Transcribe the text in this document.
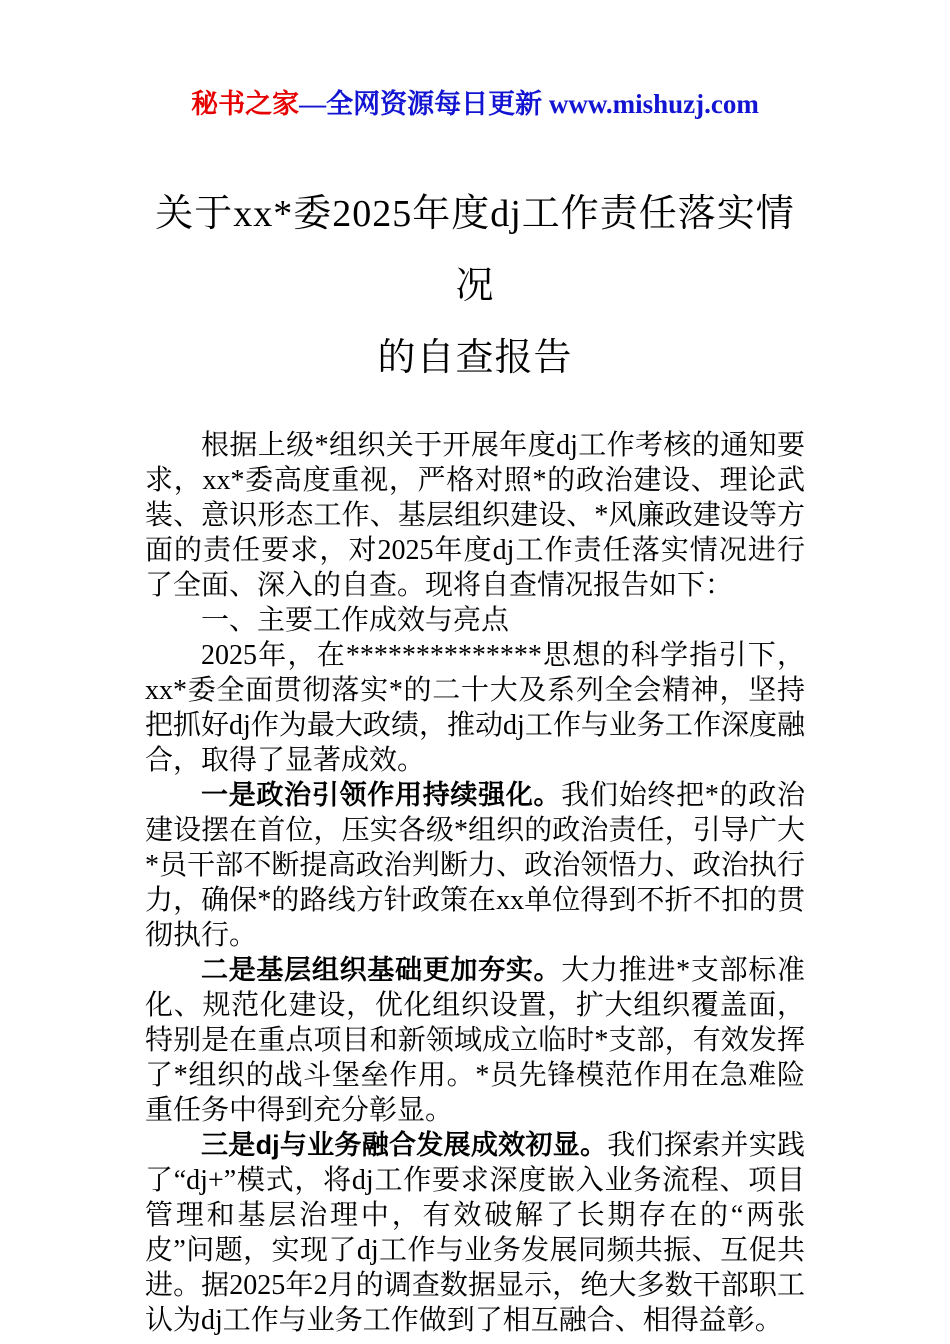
秘书之家—全网资源每日更新 www.mishuzj.com
关于xx*委2025年度dj工作责任落实情况
的自查报告

根据上级*组织关于开展年度dj工作考核的通知要求，xx*委高度重视，严格对照*的政治建设、理论武装、意识形态工作、基层组织建设、*风廉政建设等方面的责任要求，对2025年度dj工作责任落实情况进行了全面、深入的自查。现将自查情况报告如下：

一、主要工作成效与亮点

2025年，在**************思想的科学指引下，xx*委全面贯彻落实*的二十大及系列全会精神，坚持把抓好dj作为最大政绩，推动dj工作与业务工作深度融合，取得了显著成效。

一是政治引领作用持续强化。我们始终把*的政治建设摆在首位，压实各级*组织的政治责任，引导广大*员干部不断提高政治判断力、政治领悟力、政治执行力，确保*的路线方针政策在xx单位得到不折不扣的贯彻执行。

二是基层组织基础更加夯实。大力推进*支部标准化、规范化建设，优化组织设置，扩大组织覆盖面，特别是在重点项目和新领域成立临时*支部，有效发挥了*组织的战斗堡垒作用。*员先锋模范作用在急难险重任务中得到充分彰显。

三是dj与业务融合发展成效初显。我们探索并实践了“dj+”模式，将dj工作要求深度嵌入业务流程、项目管理和基层治理中，有效破解了长期存在的“两张皮”问题，实现了dj工作与业务发展同频共振、互促共进。据2025年2月的调查数据显示，绝大多数干部职工认为dj工作与业务工作做到了相互融合、相得益彰。
